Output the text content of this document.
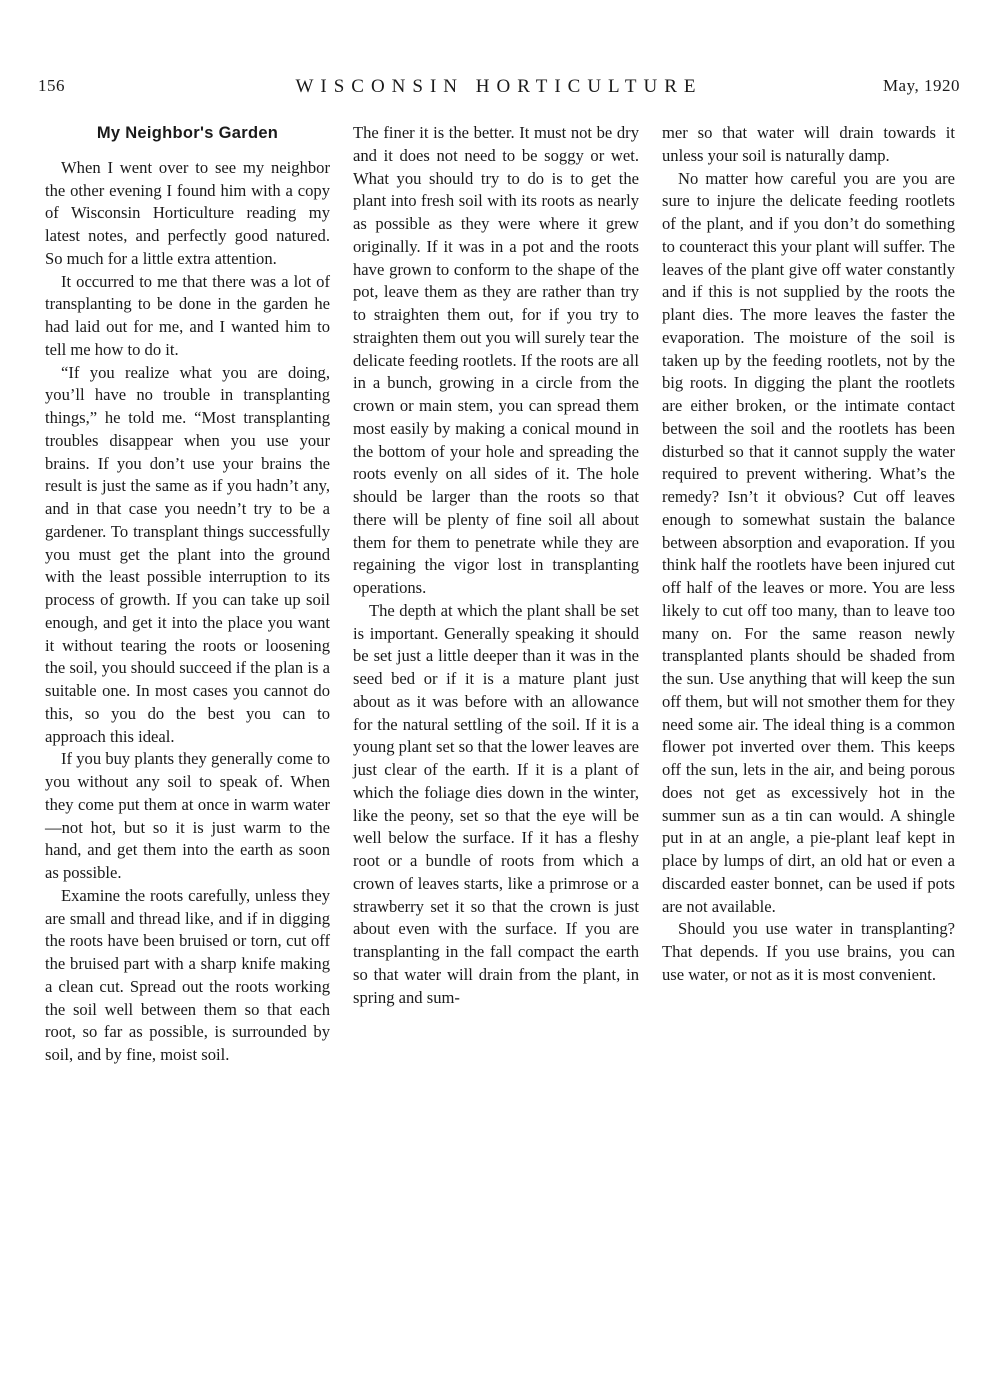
156	WISCONSIN HORTICULTURE	May, 1920
My Neighbor's Garden

When I went over to see my neighbor the other evening I found him with a copy of Wisconsin Horticulture reading my latest notes, and perfectly good natured. So much for a little extra attention.

It occurred to me that there was a lot of transplanting to be done in the garden he had laid out for me, and I wanted him to tell me how to do it.

“If you realize what you are doing, you’ll have no trouble in transplanting things,” he told me. “Most transplanting troubles disappear when you use your brains. If you don’t use your brains the result is just the same as if you hadn’t any, and in that case you needn’t try to be a gardener. To transplant things successfully you must get the plant into the ground with the least possible interruption to its process of growth. If you can take up soil enough, and get it into the place you want it without tearing the roots or loosening the soil, you should succeed if the plan is a suitable one. In most cases you cannot do this, so you do the best you can to approach this ideal.

If you buy plants they generally come to you without any soil to speak of. When they come put them at once in warm water —not hot, but so it is just warm to the hand, and get them into the earth as soon as possible.

Examine the roots carefully, unless they are small and thread like, and if in digging the roots have been bruised or torn, cut off the bruised part with a sharp knife making a clean cut. Spread out the roots working the soil well between them so that each root, so far as possible, is surrounded by soil, and by fine, moist soil.

The finer it is the better. It must not be dry and it does not need to be soggy or wet. What you should try to do is to get the plant into fresh soil with its roots as nearly as possible as they were where it grew originally. If it was in a pot and the roots have grown to conform to the shape of the pot, leave them as they are rather than try to straighten them out, for if you try to straighten them out you will surely tear the delicate feeding rootlets. If the roots are all in a bunch, growing in a circle from the crown or main stem, you can spread them most easily by making a conical mound in the bottom of your hole and spreading the roots evenly on all sides of it. The hole should be larger than the roots so that there will be plenty of fine soil all about them for them to penetrate while they are regaining the vigor lost in transplanting operations.

The depth at which the plant shall be set is important. Generally speaking it should be set just a little deeper than it was in the seed bed or if it is a mature plant just about as it was before with an allowance for the natural settling of the soil. If it is a young plant set so that the lower leaves are just clear of the earth. If it is a plant of which the foliage dies down in the winter, like the peony, set so that the eye will be well below the surface. If it has a fleshy root or a bundle of roots from which a crown of leaves starts, like a primrose or a strawberry set it so that the crown is just about even with the surface. If you are transplanting in the fall compact the earth so that water will drain from the plant, in spring and sum-

mer so that water will drain towards it unless your soil is naturally damp.

No matter how careful you are you are sure to injure the delicate feeding rootlets of the plant, and if you don’t do something to counteract this your plant will suffer. The leaves of the plant give off water constantly and if this is not supplied by the roots the plant dies. The more leaves the faster the evaporation. The moisture of the soil is taken up by the feeding rootlets, not by the big roots. In digging the plant the rootlets are either broken, or the intimate contact between the soil and the rootlets has been disturbed so that it cannot supply the water required to prevent withering. What’s the remedy? Isn’t it obvious? Cut off leaves enough to somewhat sustain the balance between absorption and evaporation. If you think half the rootlets have been injured cut off half of the leaves or more. You are less likely to cut off too many, than to leave too many on. For the same reason newly transplanted plants should be shaded from the sun. Use anything that will keep the sun off them, but will not smother them for they need some air. The ideal thing is a common flower pot inverted over them. This keeps off the sun, lets in the air, and being porous does not get as excessively hot in the summer sun as a tin can would. A shingle put in at an angle, a pie-plant leaf kept in place by lumps of dirt, an old hat or even a discarded easter bonnet, can be used if pots are not available.

Should you use water in transplanting? That depends. If you use brains, you can use water, or not as it is most convenient.
